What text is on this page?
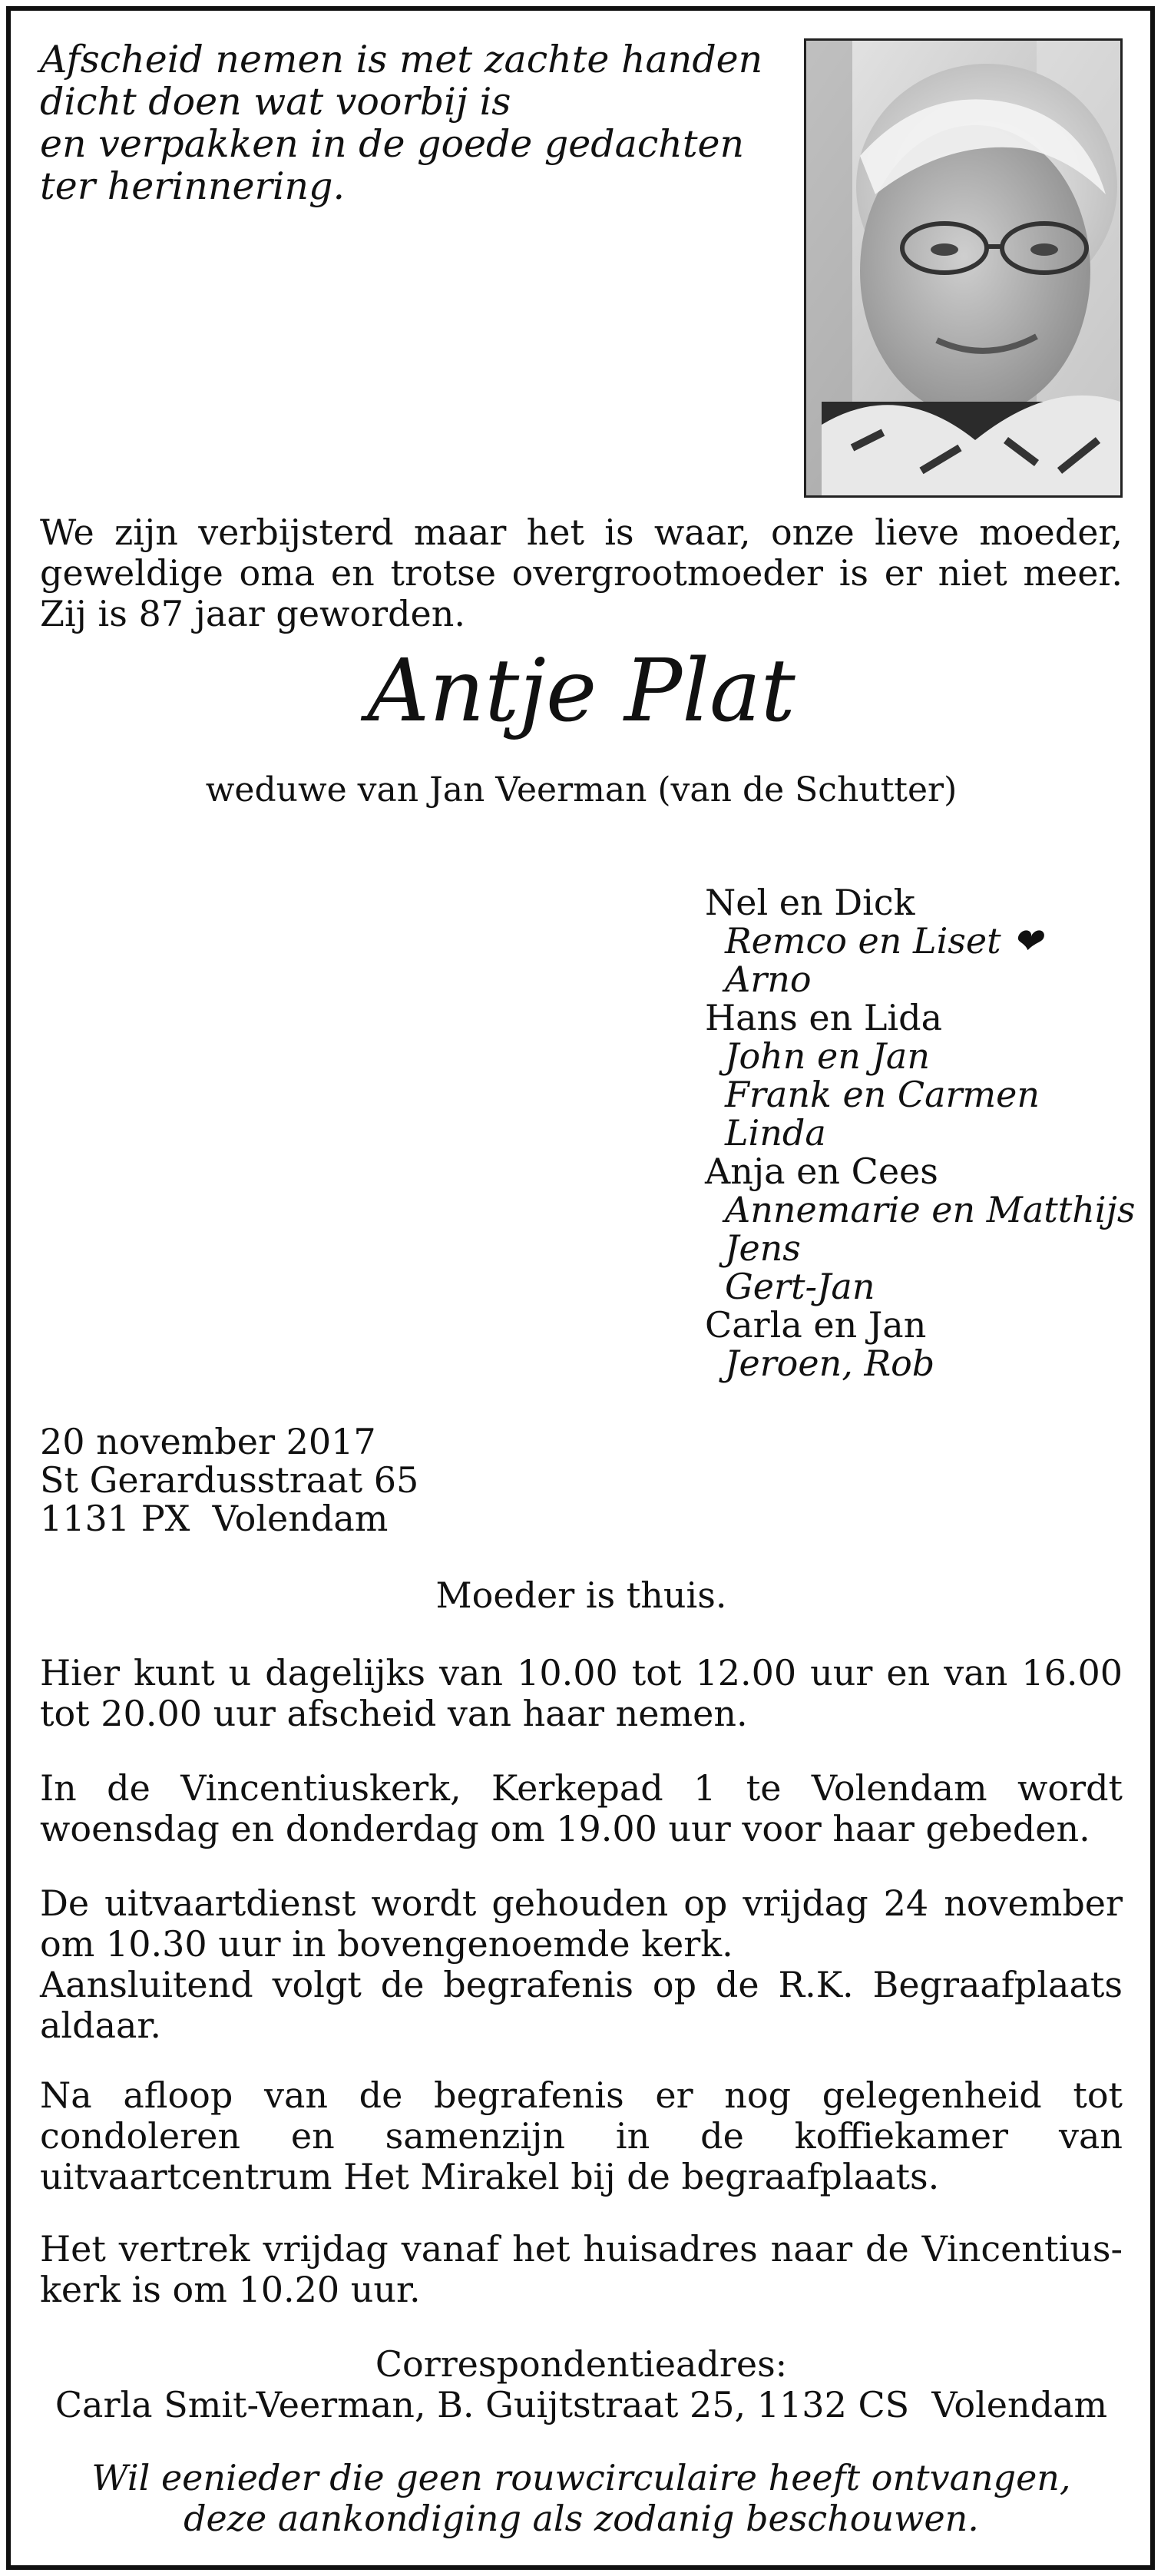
Afscheid nemen is met zachte handen
dicht doen wat voorbij is
en verpakken in de goede gedachten
ter herinnering.
We zijn verbijsterd maar het is waar, onze lieve moeder, geweldige oma en trotse overgrootmoeder is er niet meer. Zij is 87 jaar geworden.
Antje Plat
weduwe van Jan Veerman (van de Schutter)
Nel en Dick
Remco en Liset ❤
Arno
Hans en Lida
John en Jan
Frank en Carmen
Linda
Anja en Cees
Annemarie en Matthijs
Jens
Gert-Jan
Carla en Jan
Jeroen, Rob
20 november 2017
St Gerardusstraat 65
1131 PX  Volendam
Moeder is thuis.
Hier kunt u dagelijks van 10.00 tot 12.00 uur en van 16.00 tot 20.00 uur afscheid van haar nemen.
In de Vincentiuskerk, Kerkepad 1 te Volendam wordt woensdag en donderdag om 19.00 uur voor haar gebeden.
De uitvaartdienst wordt gehouden op vrijdag 24 november om 10.30 uur in bovengenoemde kerk.
Aansluitend volgt de begrafenis op de R.K. Begraafplaats aldaar.
Na afloop van de begrafenis er nog gelegenheid tot condoleren en samenzijn in de koffiekamer van uitvaartcentrum Het Mirakel bij de begraafplaats.
Het vertrek vrijdag vanaf het huisadres naar de Vincentiuskerk is om 10.20 uur.
Correspondentieadres:
Carla Smit-Veerman, B. Guijtstraat 25, 1132 CS  Volendam
Wil eenieder die geen rouwcirculaire heeft ontvangen,
deze aankondiging als zodanig beschouwen.
